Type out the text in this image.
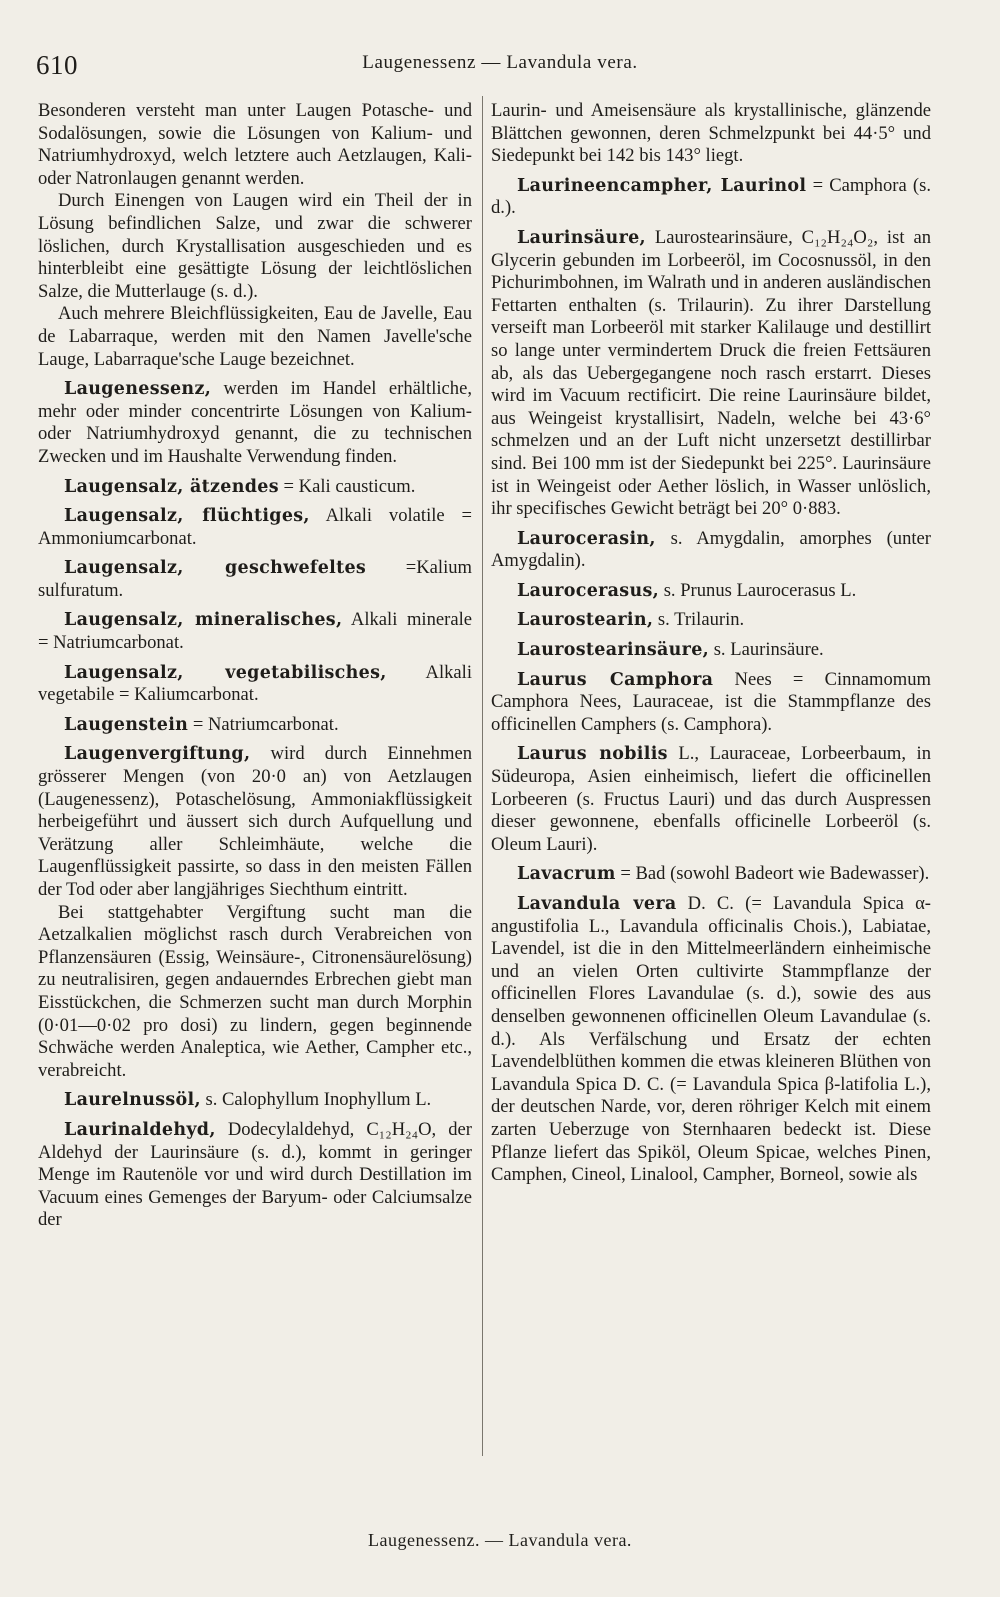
610	Laugenessenz — Lavandula vera.

Besonderen versteht man unter Laugen Potasche- und Sodalösungen, sowie die Lösungen von Kalium- und Natriumhydroxyd, welch letztere auch Aetzlaugen, Kali- oder Natronlaugen genannt werden.

Durch Einengen von Laugen wird ein Theil der in Lösung befindlichen Salze, und zwar die schwerer löslichen, durch Krystallisation ausgeschieden und es hinterbleibt eine gesättigte Lösung der leichtlöslichen Salze, die Mutterlauge (s. d.).

Auch mehrere Bleichflüssigkeiten, Eau de Javelle, Eau de Labarraque, werden mit den Namen Javelle'sche Lauge, Labarraque'sche Lauge bezeichnet.

Laugenessenz, werden im Handel erhältliche, mehr oder minder concentrirte Lösungen von Kalium- oder Natriumhydroxyd genannt, die zu technischen Zwecken und im Haushalte Verwendung finden.

Laugensalz, ätzendes = Kali causticum.

Laugensalz, flüchtiges, Alkali volatile = Ammoniumcarbonat.

Laugensalz, geschwefeltes =Kalium sulfuratum.

Laugensalz, mineralisches, Alkali minerale = Natriumcarbonat.

Laugensalz, vegetabilisches, Alkali vegetabile = Kaliumcarbonat.

Laugenstein = Natriumcarbonat.

Laugenvergiftung, wird durch Einnehmen grösserer Mengen (von 20·0 an) von Aetzlaugen (Laugenessenz), Potaschelösung, Ammoniakflüssigkeit herbeigeführt und äussert sich durch Aufquellung und Verätzung aller Schleimhäute, welche die Laugenflüssigkeit passirte, so dass in den meisten Fällen der Tod oder aber langjähriges Siechthum eintritt.

Bei stattgehabter Vergiftung sucht man die Aetzalkalien möglichst rasch durch Verabreichen von Pflanzensäuren (Essig, Weinsäure-, Citronensäurelösung) zu neutralisiren, gegen andauerndes Erbrechen giebt man Eisstückchen, die Schmerzen sucht man durch Morphin (0·01—0·02 pro dosi) zu lindern, gegen beginnende Schwäche werden Analeptica, wie Aether, Campher etc., verabreicht.

Laurelnussöl, s. Calophyllum Inophyllum L.

Laurinaldehyd, Dodecylaldehyd, C₁₂H₂₄O, der Aldehyd der Laurinsäure (s. d.), kommt in geringer Menge im Rautenöle vor und wird durch Destillation im Vacuum eines Gemenges der Baryum- oder Calciumsalze der

Laurin- und Ameisensäure als krystallinische, glänzende Blättchen gewonnen, deren Schmelzpunkt bei 44·5° und Siedepunkt bei 142 bis 143° liegt.

Laurineencampher, Laurinol = Camphora (s. d.).

Laurinsäure, Laurostearinsäure, C₁₂H₂₄O₂, ist an Glycerin gebunden im Lorbeeröl, im Cocosnussöl, in den Pichurimbohnen, im Walrath und in anderen ausländischen Fettarten enthalten (s. Trilaurin). Zu ihrer Darstellung verseift man Lorbeeröl mit starker Kalilauge und destillirt so lange unter vermindertem Druck die freien Fettsäuren ab, als das Uebergegangene noch rasch erstarrt. Dieses wird im Vacuum rectificirt. Die reine Laurinsäure bildet, aus Weingeist krystallisirt, Nadeln, welche bei 43·6° schmelzen und an der Luft nicht unzersetzt destillirbar sind. Bei 100 mm ist der Siedepunkt bei 225°. Laurinsäure ist in Weingeist oder Aether löslich, in Wasser unlöslich, ihr specifisches Gewicht beträgt bei 20° 0·883.

Laurocerasin, s. Amygdalin, amorphes (unter Amygdalin).

Laurocerasus, s. Prunus Laurocerasus L.

Laurostearin, s. Trilaurin.

Laurostearinsäure, s. Laurinsäure.

Laurus Camphora Nees = Cinnamomum Camphora Nees, Lauraceae, ist die Stammpflanze des officinellen Camphers (s. Camphora).

Laurus nobilis L., Lauraceae, Lorbeerbaum, in Südeuropa, Asien einheimisch, liefert die officinellen Lorbeeren (s. Fructus Lauri) und das durch Auspressen dieser gewonnene, ebenfalls officinelle Lorbeeröl (s. Oleum Lauri).

Lavacrum = Bad (sowohl Badeort wie Badewasser).

Lavandula vera D. C. (= Lavandula Spica α-angustifolia L., Lavandula officinalis Chois.), Labiatae, Lavendel, ist die in den Mittelmeerländern einheimische und an vielen Orten cultivirte Stammpflanze der officinellen Flores Lavandulae (s. d.), sowie des aus denselben gewonnenen officinellen Oleum Lavandulae (s. d.). Als Verfälschung und Ersatz der echten Lavendelblüthen kommen die etwas kleineren Blüthen von Lavandula Spica D. C. (= Lavandula Spica β-latifolia L.), der deutschen Narde, vor, deren röhriger Kelch mit einem zarten Ueberzuge von Sternhaaren bedeckt ist. Diese Pflanze liefert das Spiköl, Oleum Spicae, welches Pinen, Camphen, Cineol, Linalool, Campher, Borneol, sowie als

Laugenessenz. — Lavandula vera.
